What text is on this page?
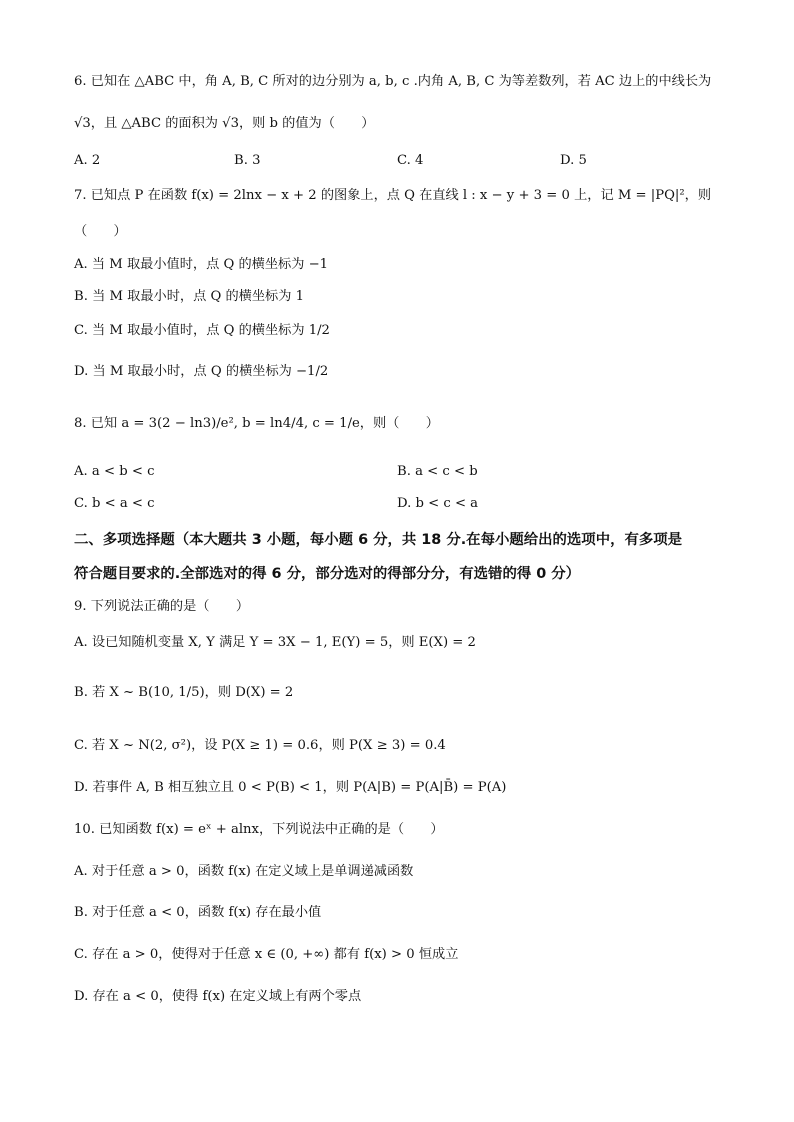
6. 已知在 △ABC 中，角 A, B, C 所对的边分别为 a, b, c .内角 A, B, C 为等差数列，若 AC 边上的中线长为
√3，且 △ABC 的面积为 √3，则 b 的值为（　　）
A. 2	B. 3	C. 4	D. 5
7. 已知点 P 在函数 f(x) = 2lnx − x + 2 的图象上，点 Q 在直线 l : x − y + 3 = 0 上，记 M = |PQ|²，则
（　　）
A. 当 M 取最小值时，点 Q 的横坐标为 −1
B. 当 M 取最小时，点 Q 的横坐标为 1
C. 当 M 取最小值时，点 Q 的横坐标为 1/2
D. 当 M 取最小时，点 Q 的横坐标为 −1/2
8. 已知 a = 3(2 − ln3)/e², b = ln4/4, c = 1/e，则（　　）
A. a < b < c	B. a < c < b
C. b < a < c	D. b < c < a
二、多项选择题（本大题共 3 小题，每小题 6 分，共 18 分.在每小题给出的选项中，有多项是
符合题目要求的.全部选对的得 6 分，部分选对的得部分分，有选错的得 0 分）
9. 下列说法正确的是（　　）
A. 设已知随机变量 X, Y 满足 Y = 3X − 1, E(Y) = 5，则 E(X) = 2
B. 若 X ~ B(10, 1/5)，则 D(X) = 2
C. 若 X ~ N(2, σ²)，设 P(X ≥ 1) = 0.6，则 P(X ≥ 3) = 0.4
D. 若事件 A, B 相互独立且 0 < P(B) < 1，则 P(A|B) = P(A|B̄) = P(A)
10. 已知函数 f(x) = eˣ + alnx，下列说法中正确的是（　　）
A. 对于任意 a > 0，函数 f(x) 在定义域上是单调递减函数
B. 对于任意 a < 0，函数 f(x) 存在最小值
C. 存在 a > 0，使得对于任意 x ∈ (0, +∞) 都有 f(x) > 0 恒成立
D. 存在 a < 0，使得 f(x) 在定义域上有两个零点
